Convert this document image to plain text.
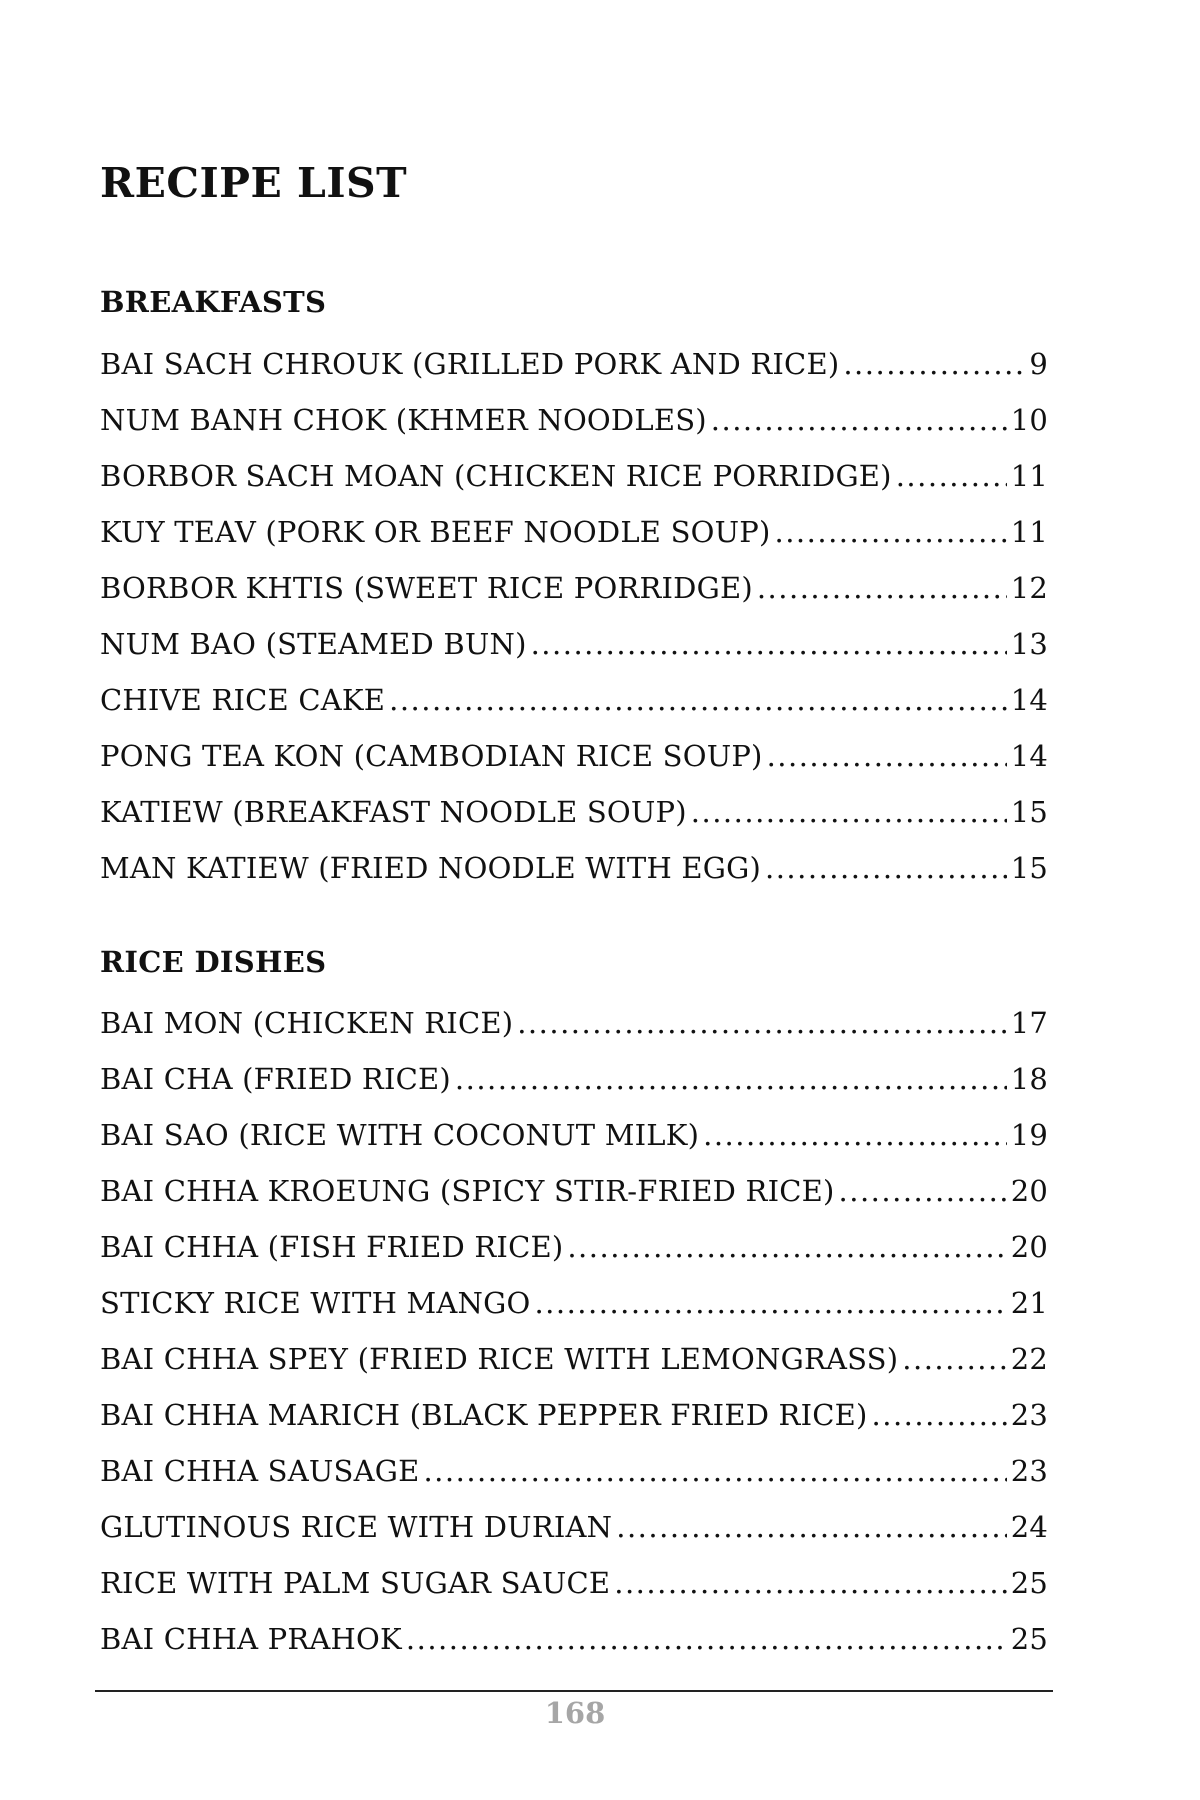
RECIPE LIST
BREAKFASTS
BAI SACH CHROUK (GRILLED PORK AND RICE) .....	9
NUM BANH CHOK (KHMER NOODLES) .....	10
BORBOR SACH MOAN (CHICKEN RICE PORRIDGE) .....	11
KUY TEAV (PORK OR BEEF NOODLE SOUP) .....	11
BORBOR KHTIS (SWEET RICE PORRIDGE) .....	12
NUM BAO (STEAMED BUN) .....	13
CHIVE RICE CAKE .....	14
PONG TEA KON (CAMBODIAN RICE SOUP) .....	14
KATIEW (BREAKFAST NOODLE SOUP) .....	15
MAN KATIEW (FRIED NOODLE WITH EGG) .....	15
RICE DISHES
BAI MON (CHICKEN RICE) .....	17
BAI CHA (FRIED RICE) .....	18
BAI SAO (RICE WITH COCONUT MILK) .....	19
BAI CHHA KROEUNG (SPICY STIR-FRIED RICE) .....	20
BAI CHHA (FISH FRIED RICE) .....	20
STICKY RICE WITH MANGO .....	21
BAI CHHA SPEY (FRIED RICE WITH LEMONGRASS) .....	22
BAI CHHA MARICH (BLACK PEPPER FRIED RICE) .....	23
BAI CHHA SAUSAGE .....	23
GLUTINOUS RICE WITH DURIAN .....	24
RICE WITH PALM SUGAR SAUCE .....	25
BAI CHHA PRAHOK .....	25
168
